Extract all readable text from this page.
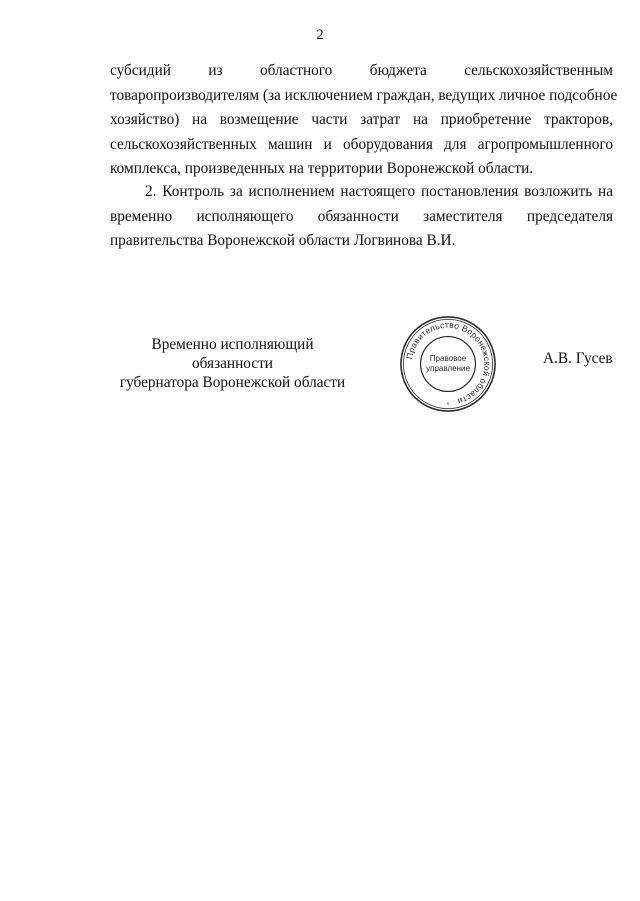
2
субсидий из областного бюджета сельскохозяйственным
товаропроизводителям (за исключением граждан, ведущих личное подсобное
хозяйство) на возмещение части затрат на приобретение тракторов,
сельскохозяйственных машин и оборудования для агропромышленного
комплекса, произведенных на территории Воронежской области.
2. Контроль за исполнением настоящего постановления возложить на
временно исполняющего обязанности заместителя председателя
правительства Воронежской области Логвинова В.И.
Временно исполняющий обязанности
губернатора Воронежской области
Правительство Воронежской области
Правовое
управление
*
А.В. Гусев
